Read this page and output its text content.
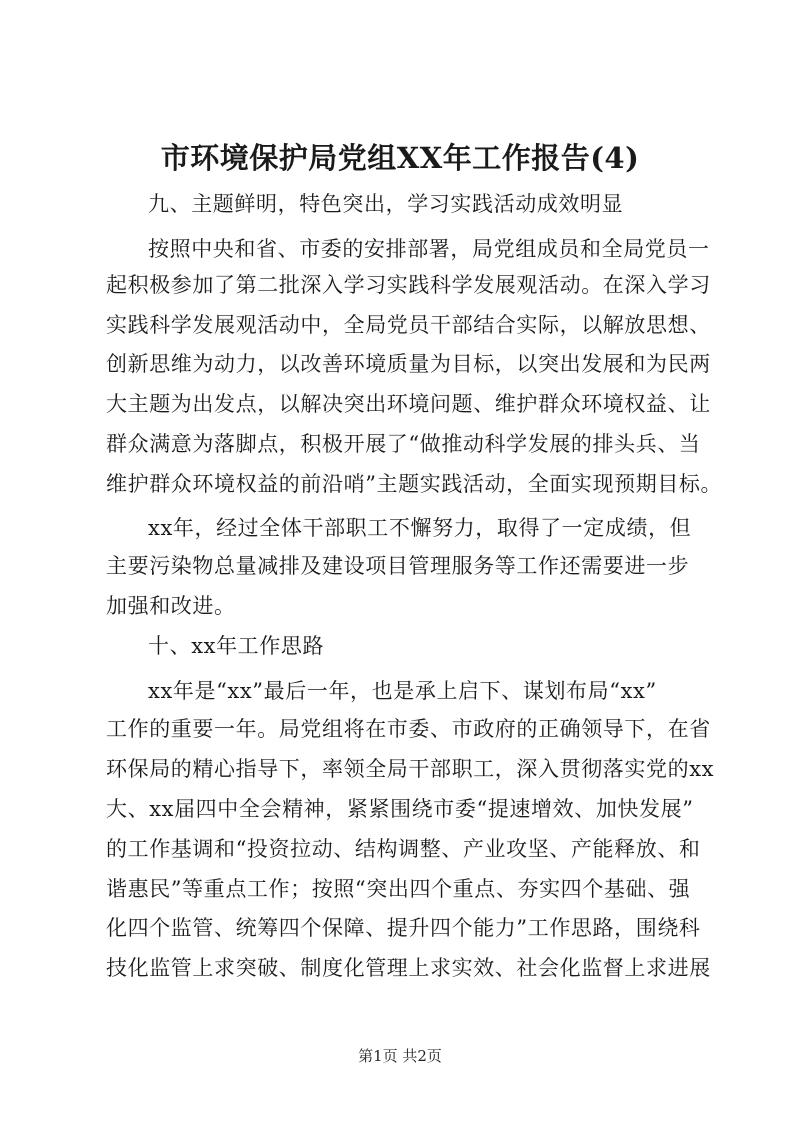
市环境保护局党组XX年工作报告(4)
九、主题鲜明，特色突出，学习实践活动成效明显
按照中央和省、市委的安排部署，局党组成员和全局党员一
起积极参加了第二批深入学习实践科学发展观活动。在深入学习
实践科学发展观活动中，全局党员干部结合实际，以解放思想、
创新思维为动力，以改善环境质量为目标，以突出发展和为民两
大主题为出发点，以解决突出环境问题、维护群众环境权益、让
群众满意为落脚点，积极开展了“做推动科学发展的排头兵、当
维护群众环境权益的前沿哨”主题实践活动，全面实现预期目标。
xx年，经过全体干部职工不懈努力，取得了一定成绩，但
主要污染物总量减排及建设项目管理服务等工作还需要进一步
加强和改进。
十、xx年工作思路
xx年是“xx”最后一年，也是承上启下、谋划布局“xx”
工作的重要一年。局党组将在市委、市政府的正确领导下，在省
环保局的精心指导下，率领全局干部职工，深入贯彻落实党的xx
大、xx届四中全会精神，紧紧围绕市委“提速增效、加快发展”
的工作基调和“投资拉动、结构调整、产业攻坚、产能释放、和
谐惠民”等重点工作；按照“突出四个重点、夯实四个基础、强
化四个监管、统筹四个保障、提升四个能力”工作思路，围绕科
技化监管上求突破、制度化管理上求实效、社会化监督上求进展
第1页 共2页
